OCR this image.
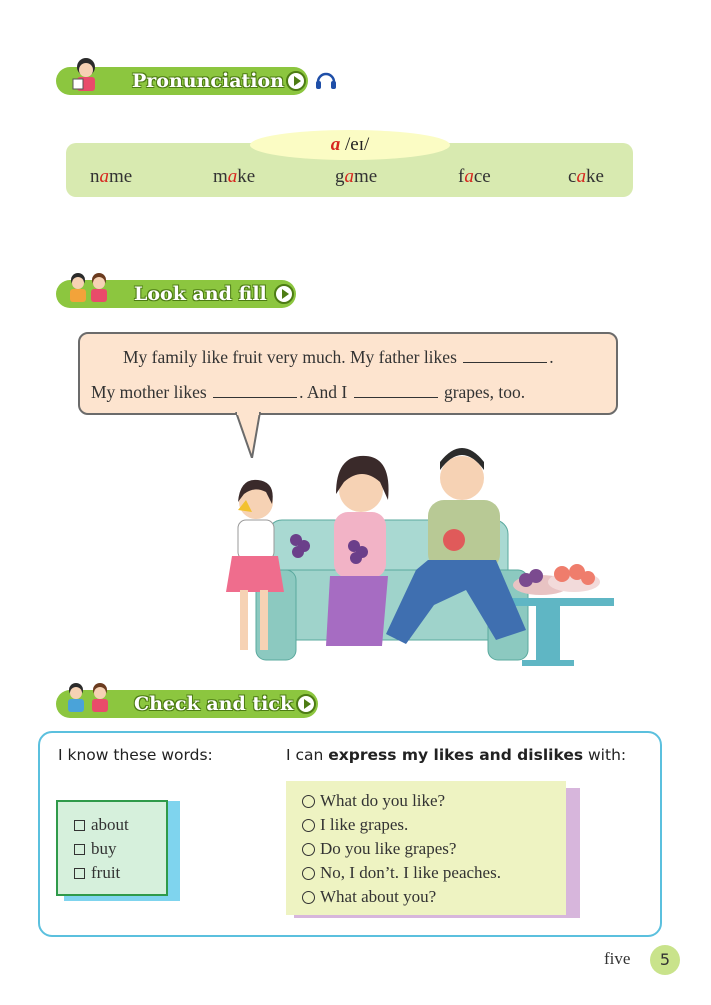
Pronunciation
a /eɪ/
name	make	game	face	cake
Look and fill
My family like fruit very much. My father likes	.
My mother likes	. And I	grapes, too.
Check and tick
I know these words:	I can express my likes and dislikes with:
about
buy
fruit
What do you like?
I like grapes.
Do you like grapes?
No, I don’t. I like peaches.
What about you?
five	5
